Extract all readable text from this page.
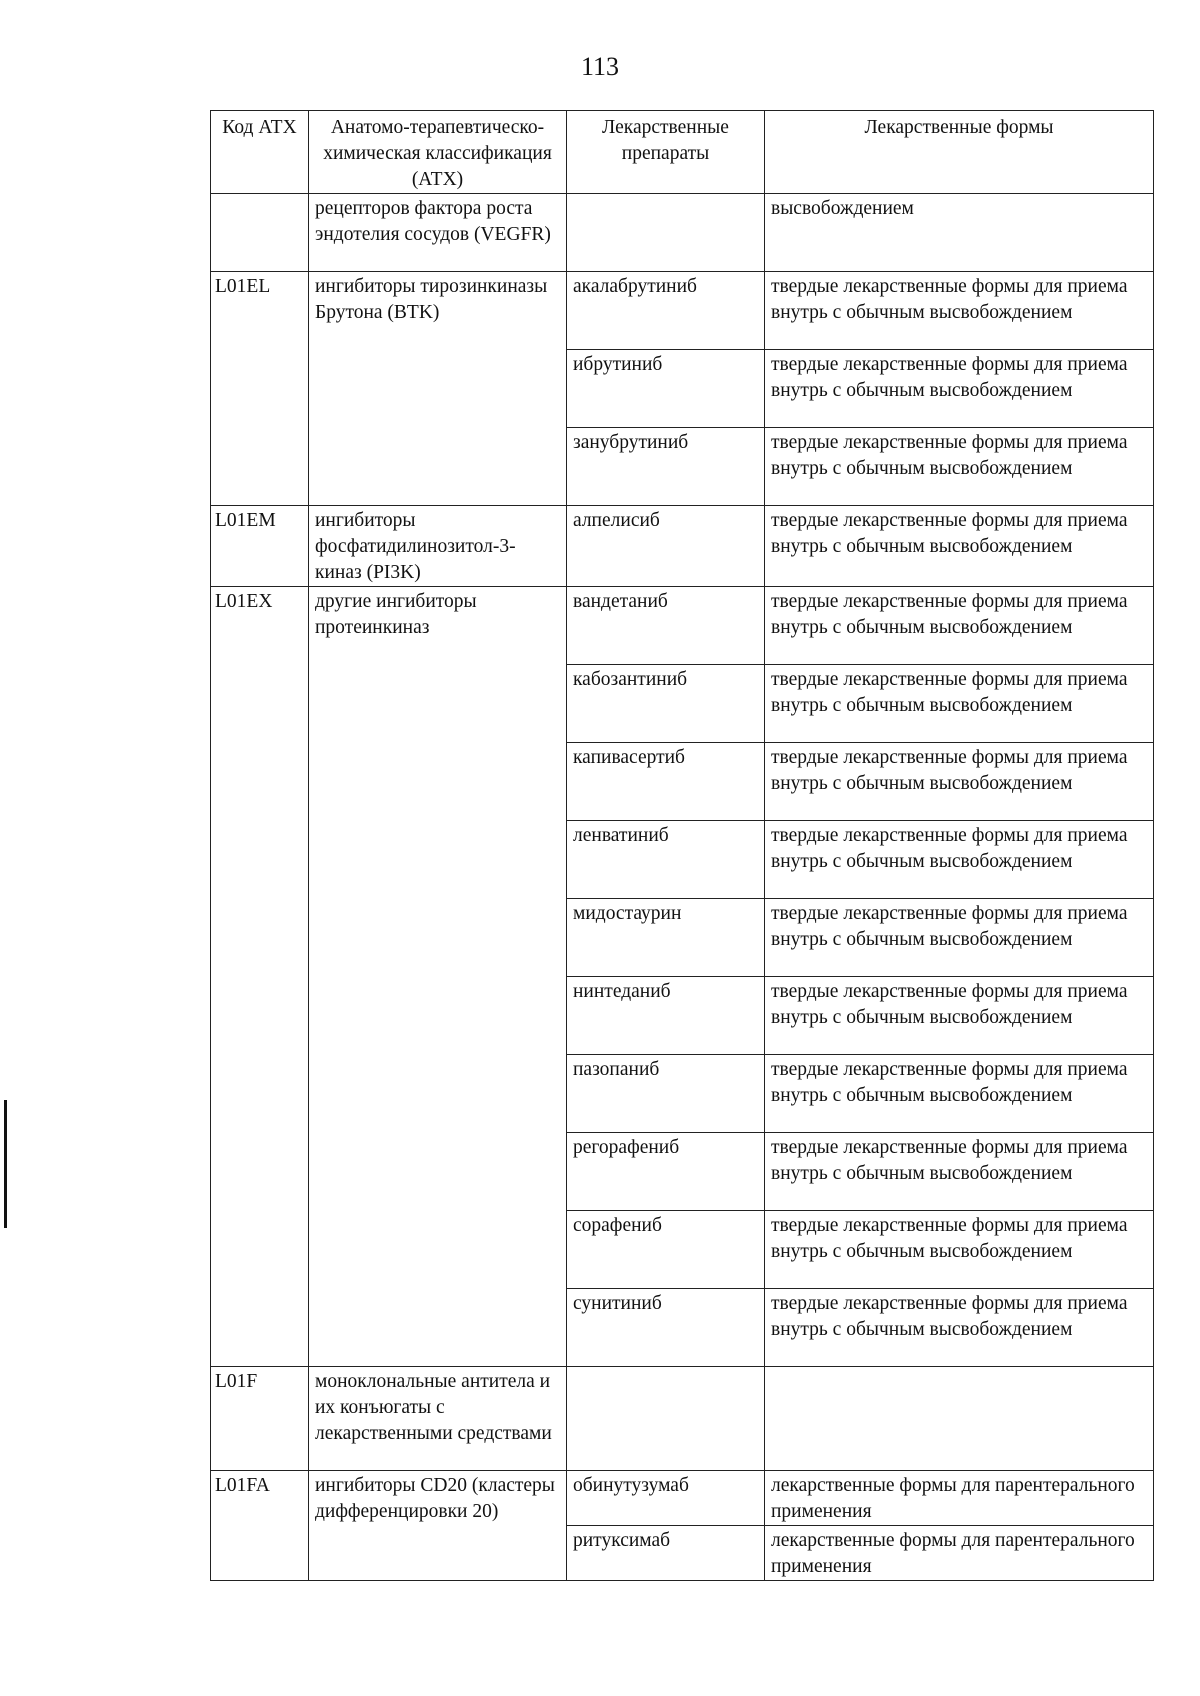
113
Код АТХ	Анатомо-терапевтическо-химическая классификация (АТХ)	Лекарственные препараты	Лекарственные формы
	рецепторов фактора роста эндотелия сосудов (VEGFR)		высвобождением
L01EL	ингибиторы тирозинкиназы Брутона (BTK)	акалабрутиниб	твердые лекарственные формы для приема внутрь с обычным высвобождением
		ибрутиниб	твердые лекарственные формы для приема внутрь с обычным высвобождением
		занубрутиниб	твердые лекарственные формы для приема внутрь с обычным высвобождением
L01EM	ингибиторы фосфатидилинозитол-3-киназ (PI3K)	алпелисиб	твердые лекарственные формы для приема внутрь с обычным высвобождением
L01EX	другие ингибиторы протеинкиназ	вандетаниб	твердые лекарственные формы для приема внутрь с обычным высвобождением
		кабозантиниб	твердые лекарственные формы для приема внутрь с обычным высвобождением
		капивасертиб	твердые лекарственные формы для приема внутрь с обычным высвобождением
		ленватиниб	твердые лекарственные формы для приема внутрь с обычным высвобождением
		мидостаурин	твердые лекарственные формы для приема внутрь с обычным высвобождением
		нинтеданиб	твердые лекарственные формы для приема внутрь с обычным высвобождением
		пазопаниб	твердые лекарственные формы для приема внутрь с обычным высвобождением
		регорафениб	твердые лекарственные формы для приема внутрь с обычным высвобождением
		сорафениб	твердые лекарственные формы для приема внутрь с обычным высвобождением
		сунитиниб	твердые лекарственные формы для приема внутрь с обычным высвобождением
L01F	моноклональные антитела и их конъюгаты с лекарственными средствами		
L01FA	ингибиторы CD20 (кластеры дифференцировки 20)	обинутузумаб	лекарственные формы для парентерального применения
		ритуксимаб	лекарственные формы для парентерального применения
